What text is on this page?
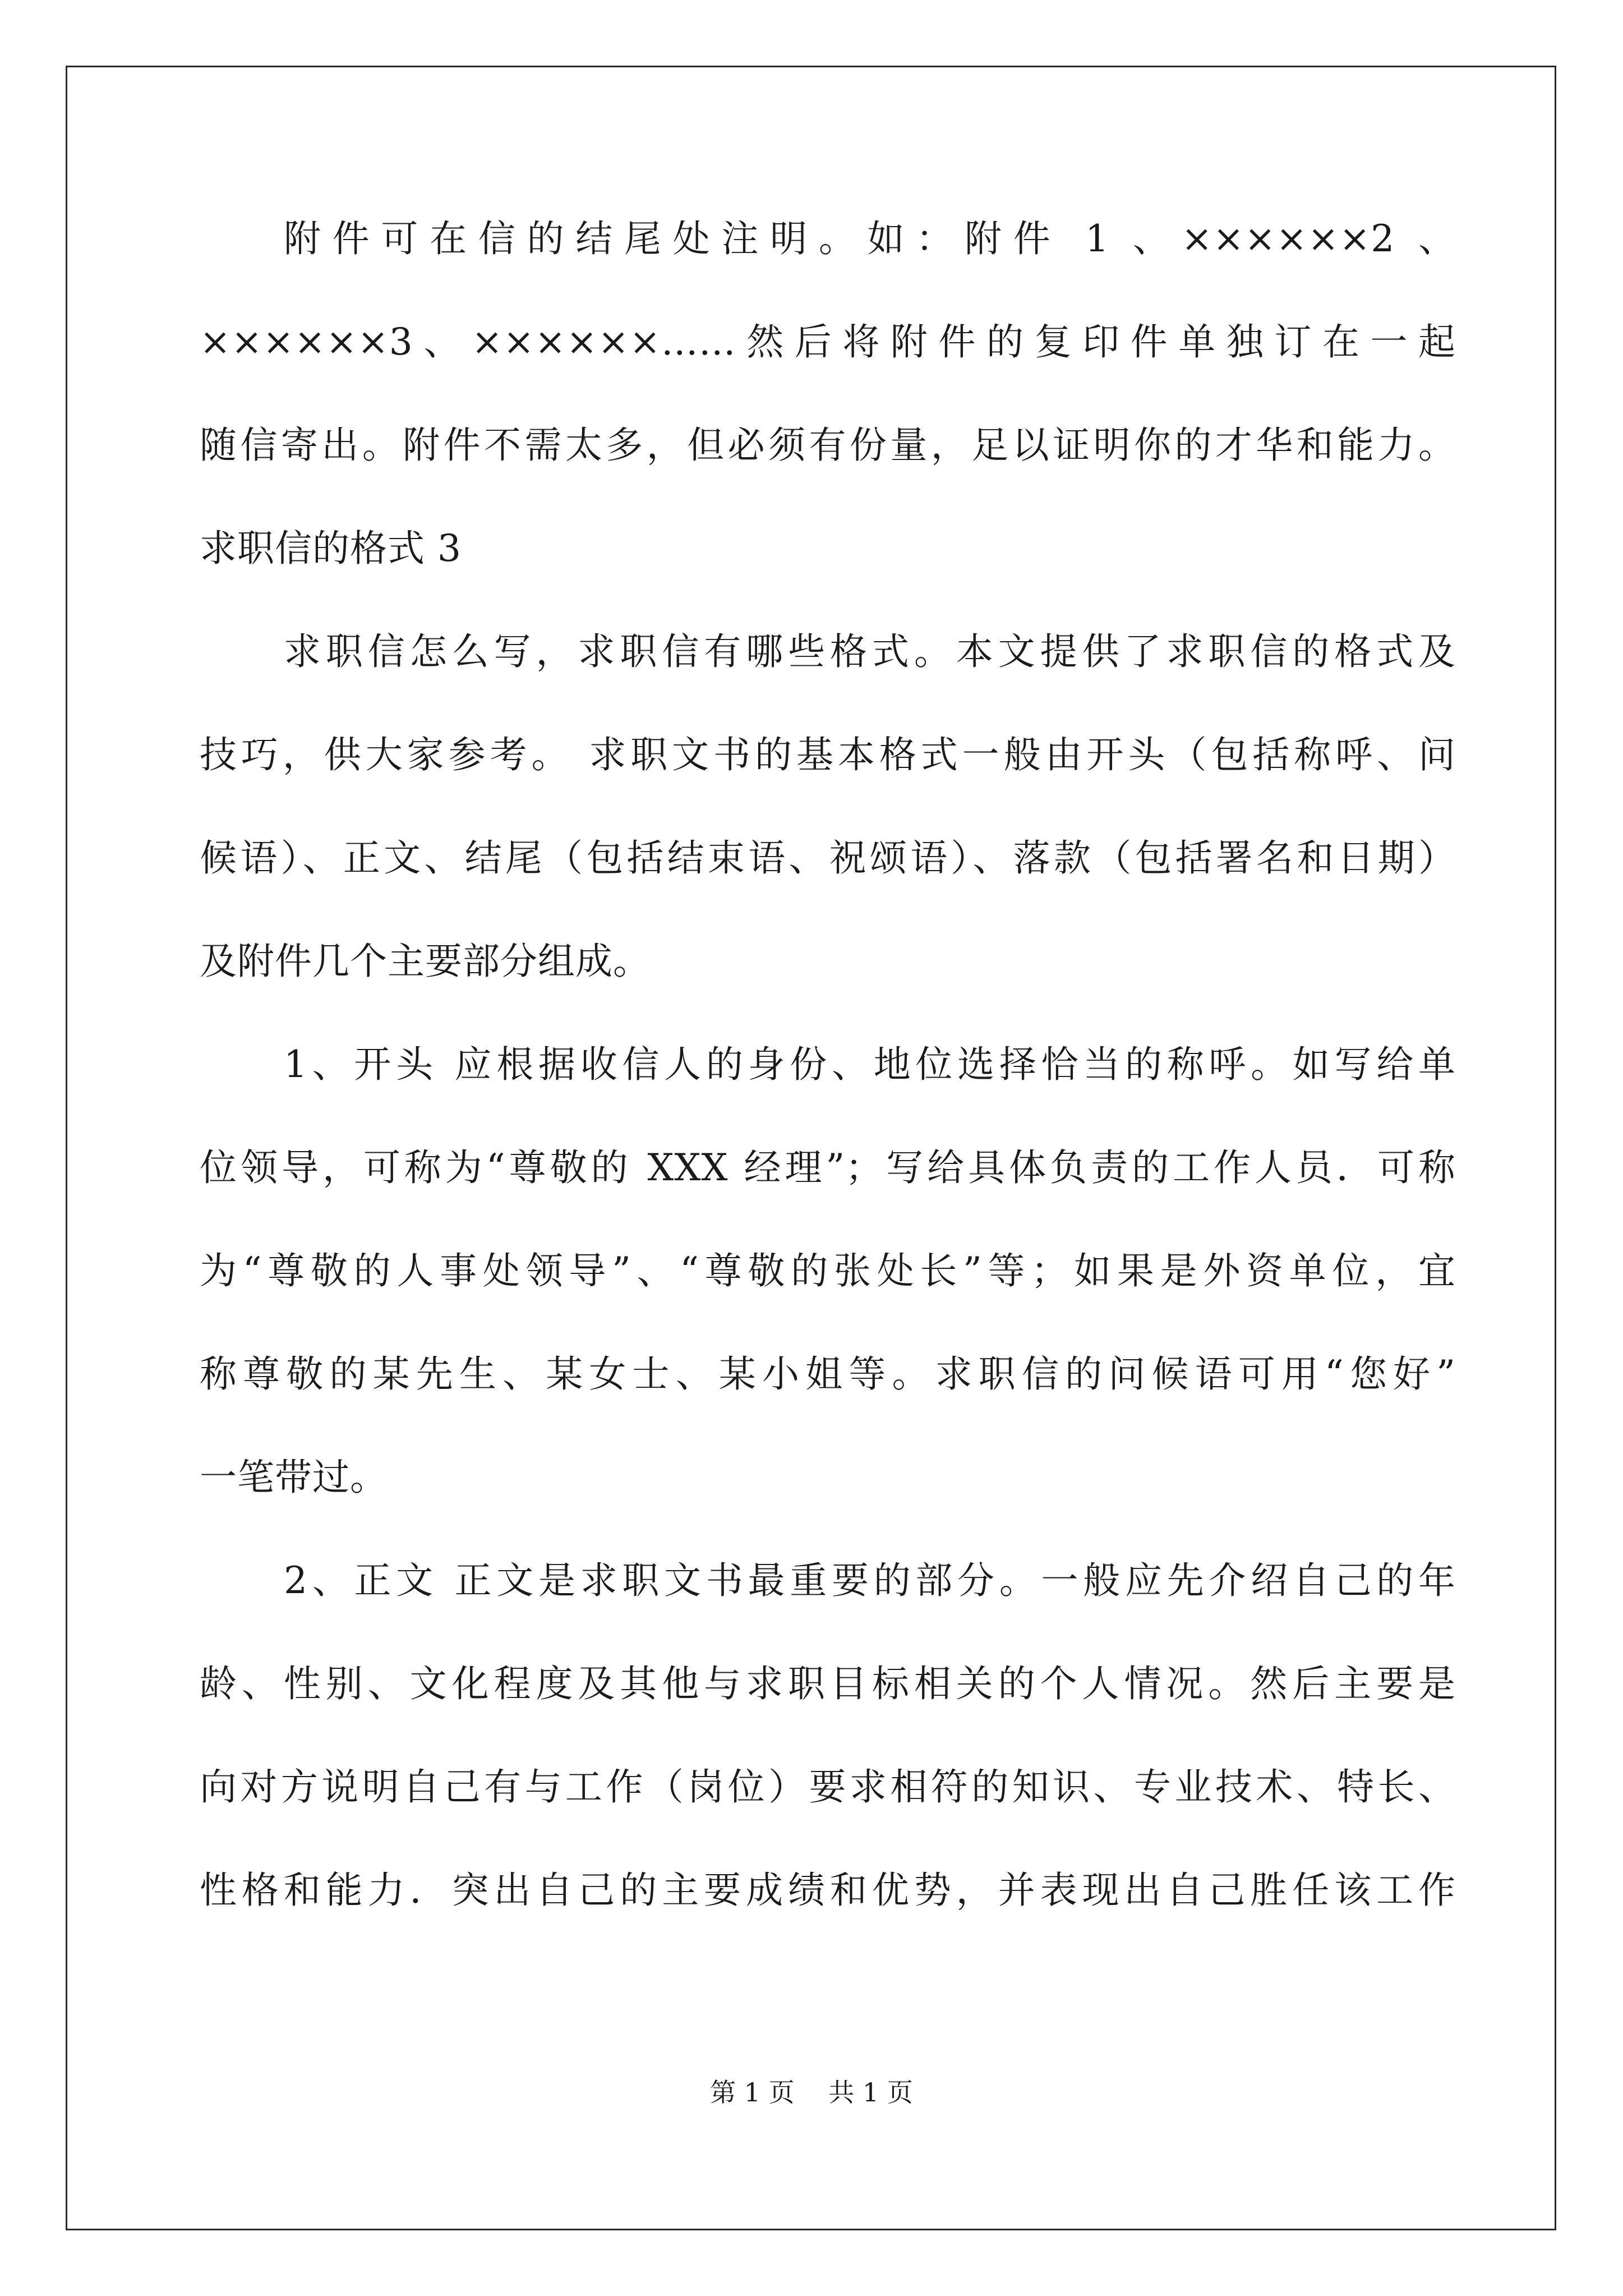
附件可在信的结尾处注明。如：附件 1 、××××××2 、
××××××3、××××××……然后将附件的复印件单独订在一起
随信寄出。附件不需太多，但必须有份量，足以证明你的才华和能力。
求职信的格式 3
求职信怎么写，求职信有哪些格式。本文提供了求职信的格式及
技巧，供大家参考。 求职文书的基本格式一般由开头（包括称呼、问
候语）、正文、结尾（包括结束语、祝颂语）、落款（包括署名和日期）
及附件几个主要部分组成。
1、开头 应根据收信人的身份、地位选择恰当的称呼。如写给单
位领导，可称为“尊敬的 XXX 经理”；写给具体负责的工作人员．可称
为“尊敬的人事处领导”、“尊敬的张处长”等；如果是外资单位，宜
称尊敬的某先生、某女士、某小姐等。求职信的问候语可用“您好”
一笔带过。
2、正文 正文是求职文书最重要的部分。一般应先介绍自己的年
龄、性别、文化程度及其他与求职目标相关的个人情况。然后主要是
向对方说明自己有与工作（岗位）要求相符的知识、专业技术、特长、
性格和能力．突出自己的主要成绩和优势，并表现出自己胜任该工作
第 1 页　 共 1 页
